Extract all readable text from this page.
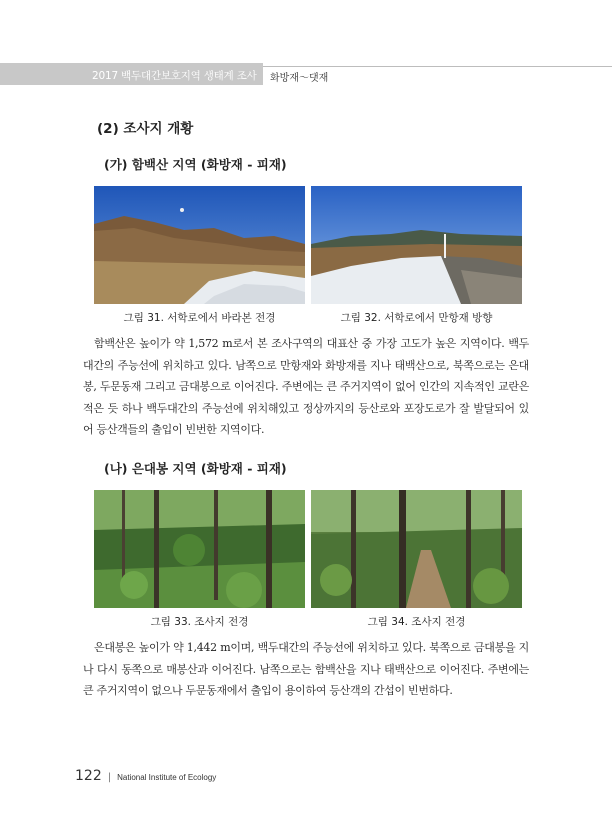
2017 백두대간보호지역 생태계 조사 화방재～댓재
(2) 조사지 개황
(가) 함백산 지역 (화방재 - 피재)
그림 31. 서학로에서 바라본 전경	그림 32. 서학로에서 만항재 방향

함백산은 높이가 약 1,572 m로서 본 조사구역의 대표산 중 가장 고도가 높은 지역이다. 백두대간의 주능선에 위치하고 있다. 남쪽으로 만항재와 화방재를 지나 태백산으로, 북쪽으로는 은대봉, 두문동재 그리고 금대봉으로 이어진다. 주변에는 큰 주거지역이 없어 인간의 지속적인 교란은 적은 듯 하나 백두대간의 주능선에 위치해있고 정상까지의 등산로와 포장도로가 잘 발달되어 있어 등산객들의 출입이 빈번한 지역이다.

(나) 은대봉 지역 (화방재 - 피재)
그림 33. 조사지 전경	그림 34. 조사지 전경

은대봉은 높이가 약 1,442 m이며, 백두대간의 주능선에 위치하고 있다. 북쪽으로 금대봉을 지나 다시 동쪽으로 매봉산과 이어진다. 남쪽으로는 함백산을 지나 태백산으로 이어진다. 주변에는 큰 주거지역이 없으나 두문동재에서 출입이 용이하여 등산객의 간섭이 빈번하다.

122 | National Institute of Ecology
